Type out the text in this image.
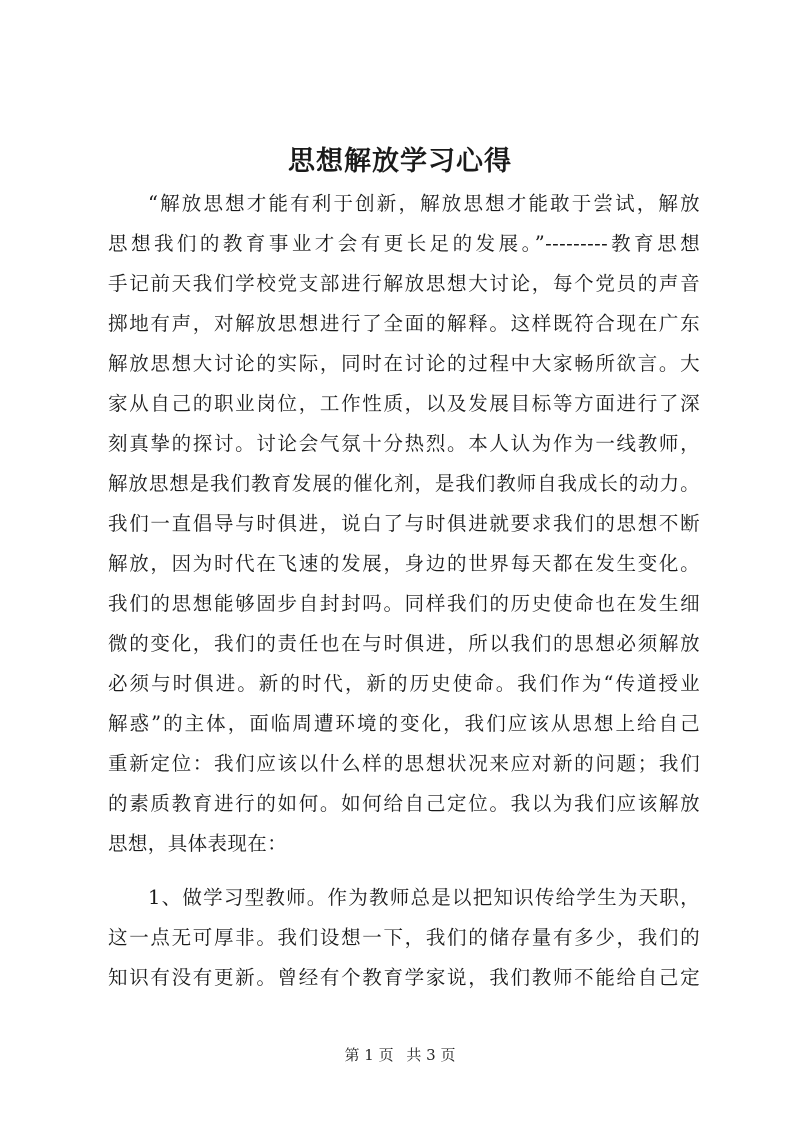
思想解放学习心得
“解放思想才能有利于创新，解放思想才能敢于尝试，解放
思想我们的教育事业才会有更长足的发展。”---------教育思想
手记前天我们学校党支部进行解放思想大讨论，每个党员的声音
掷地有声，对解放思想进行了全面的解释。这样既符合现在广东
解放思想大讨论的实际，同时在讨论的过程中大家畅所欲言。大
家从自己的职业岗位，工作性质，以及发展目标等方面进行了深
刻真挚的探讨。讨论会气氛十分热烈。本人认为作为一线教师，
解放思想是我们教育发展的催化剂，是我们教师自我成长的动力。
我们一直倡导与时俱进，说白了与时俱进就要求我们的思想不断
解放，因为时代在飞速的发展，身边的世界每天都在发生变化。
我们的思想能够固步自封封吗。同样我们的历史使命也在发生细
微的变化，我们的责任也在与时俱进，所以我们的思想必须解放
必须与时俱进。新的时代，新的历史使命。我们作为“传道授业
解惑”的主体，面临周遭环境的变化，我们应该从思想上给自己
重新定位：我们应该以什么样的思想状况来应对新的问题；我们
的素质教育进行的如何。如何给自己定位。我以为我们应该解放
思想，具体表现在：
1、做学习型教师。作为教师总是以把知识传给学生为天职，
这一点无可厚非。我们设想一下，我们的储存量有多少，我们的
知识有没有更新。曾经有个教育学家说，我们教师不能给自己定
第 1 页 共 3 页
